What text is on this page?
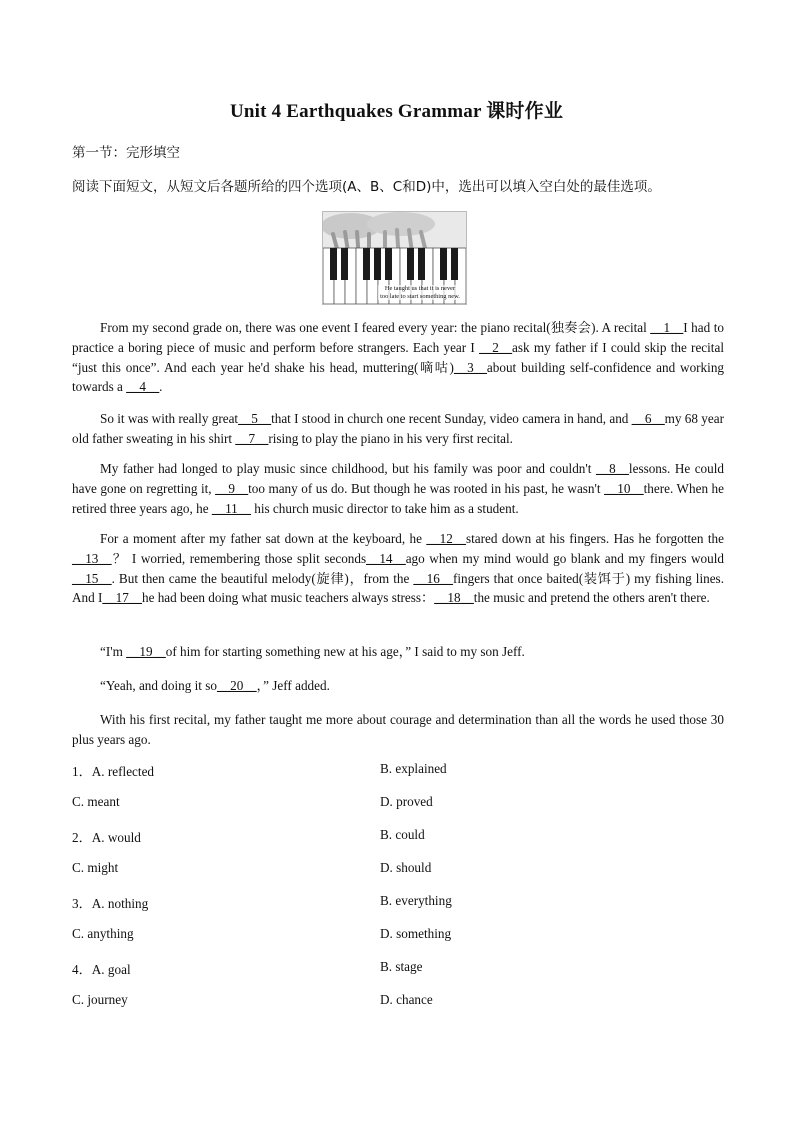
Unit 4 Earthquakes Grammar 课时作业
第一节：完形填空
阅读下面短文，从短文后各题所给的四个选项(A、B、C和D)中，选出可以填入空白处的最佳选项。
He taught us that it is never
too late to start something new.

From my second grade on, there was one event I feared every year: the piano recital(独奏会). A recital __1__I had to practice a boring piece of music and perform before strangers. Each year I __2__ask my father if I could skip the recital “just this once”. And each year he'd shake his head, muttering(嘀咕)__3__about building self-confidence and working towards a __4__.

So it was with really great__5__that I stood in church one recent Sunday, video camera in hand, and __6__my 68 year old father sweating in his shirt __7__rising to play the piano in his very first recital.

My father had longed to play music since childhood, but his family was poor and couldn't __8__lessons. He could have gone on regretting it, __9__too many of us do. But though he was rooted in his past, he wasn't __10__there. When he retired three years ago, he __11__ his church music director to take him as a student.

For a moment after my father sat down at the keyboard, he __12__stared down at his fingers. Has he forgotten the __13__？ I worried, remembering those split seconds__14__ago when my mind would go blank and my fingers would __15__. But then came the beautiful melody(旋律)，from the __16__fingers that once baited(装饵于) my fishing lines. And I__17__he had been doing what music teachers always stress：__18__the music and pretend the others aren't there.

“I'm __19__of him for starting something new at his age，” I said to my son Jeff.

“Yeah, and doing it so__20__，” Jeff added.

With his first recital, my father taught me more about courage and determination than all the words he used those 30 plus years ago.

1．A. reflected	B. explained
C. meant	D. proved
2．A. would	B. could
C. might	D. should
3．A. nothing	B. everything
C. anything	D. something
4．A. goal	B. stage
C. journey	D. chance
